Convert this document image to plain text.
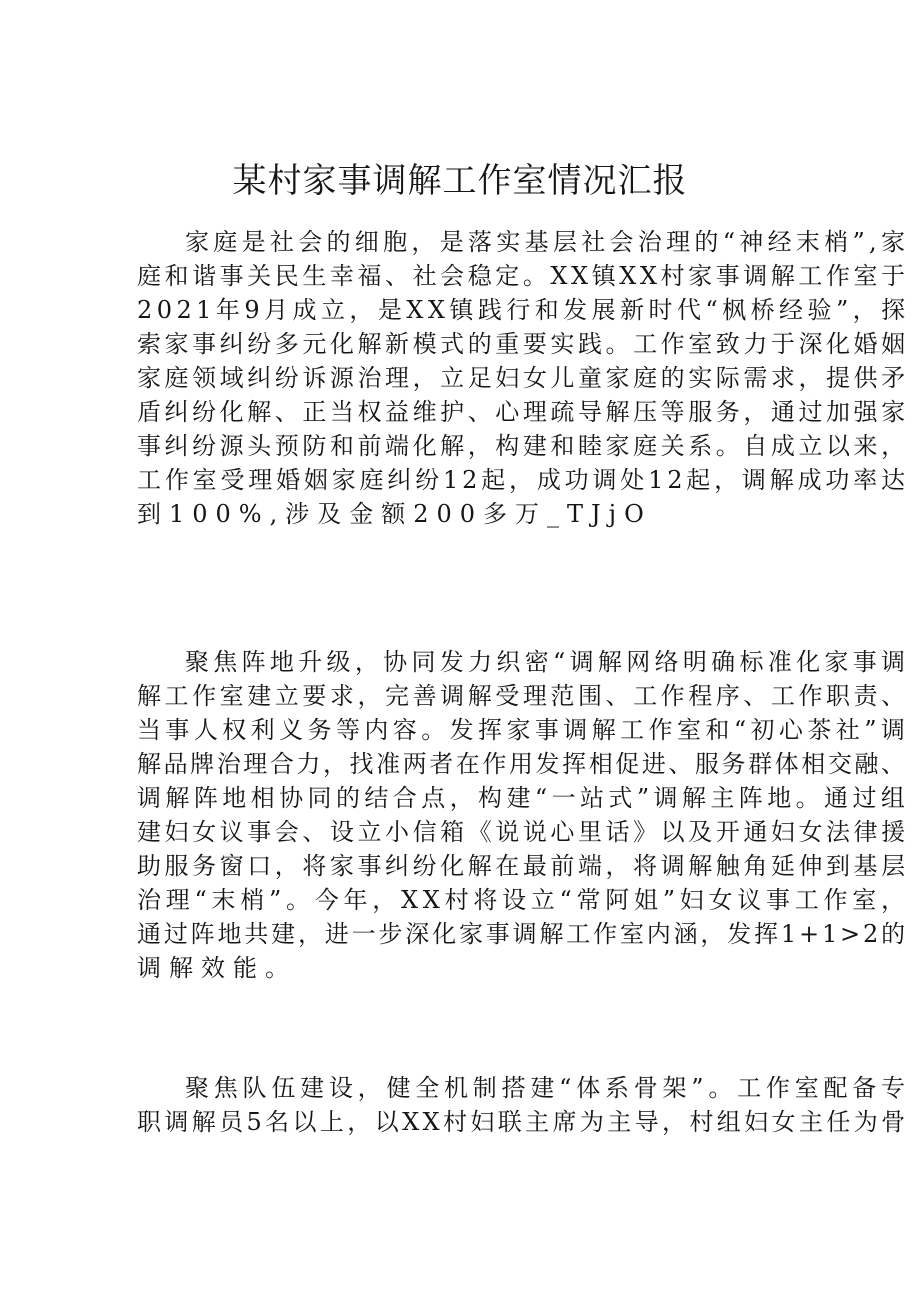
某村家事调解工作室情况汇报
家庭是社会的细胞，是落实基层社会治理的“神经末梢”,家
庭和谐事关民生幸福、社会稳定。XX镇XX村家事调解工作室于
2021年9月成立，是XX镇践行和发展新时代“枫桥经验”，探
索家事纠纷多元化解新模式的重要实践。工作室致力于深化婚姻
家庭领域纠纷诉源治理，立足妇女儿童家庭的实际需求，提供矛
盾纠纷化解、正当权益维护、心理疏导解压等服务，通过加强家
事纠纷源头预防和前端化解，构建和睦家庭关系。自成立以来，
工作室受理婚姻家庭纠纷12起，成功调处12起，调解成功率达
到100%,涉及金额200多万_TJjO
聚焦阵地升级，协同发力织密“调解网络明确标准化家事调
解工作室建立要求，完善调解受理范围、工作程序、工作职责、
当事人权利义务等内容。发挥家事调解工作室和“初心茶社”调
解品牌治理合力，找准两者在作用发挥相促进、服务群体相交融、
调解阵地相协同的结合点，构建“一站式”调解主阵地。通过组
建妇女议事会、设立小信箱《说说心里话》以及开通妇女法律援
助服务窗口，将家事纠纷化解在最前端，将调解触角延伸到基层
治理“末梢”。今年，XX村将设立“常阿姐”妇女议事工作室，
通过阵地共建，进一步深化家事调解工作室内涵，发挥1+1>2的
调解效能。
聚焦队伍建设，健全机制搭建“体系骨架”。工作室配备专
职调解员5名以上，以XX村妇联主席为主导，村组妇女主任为骨
